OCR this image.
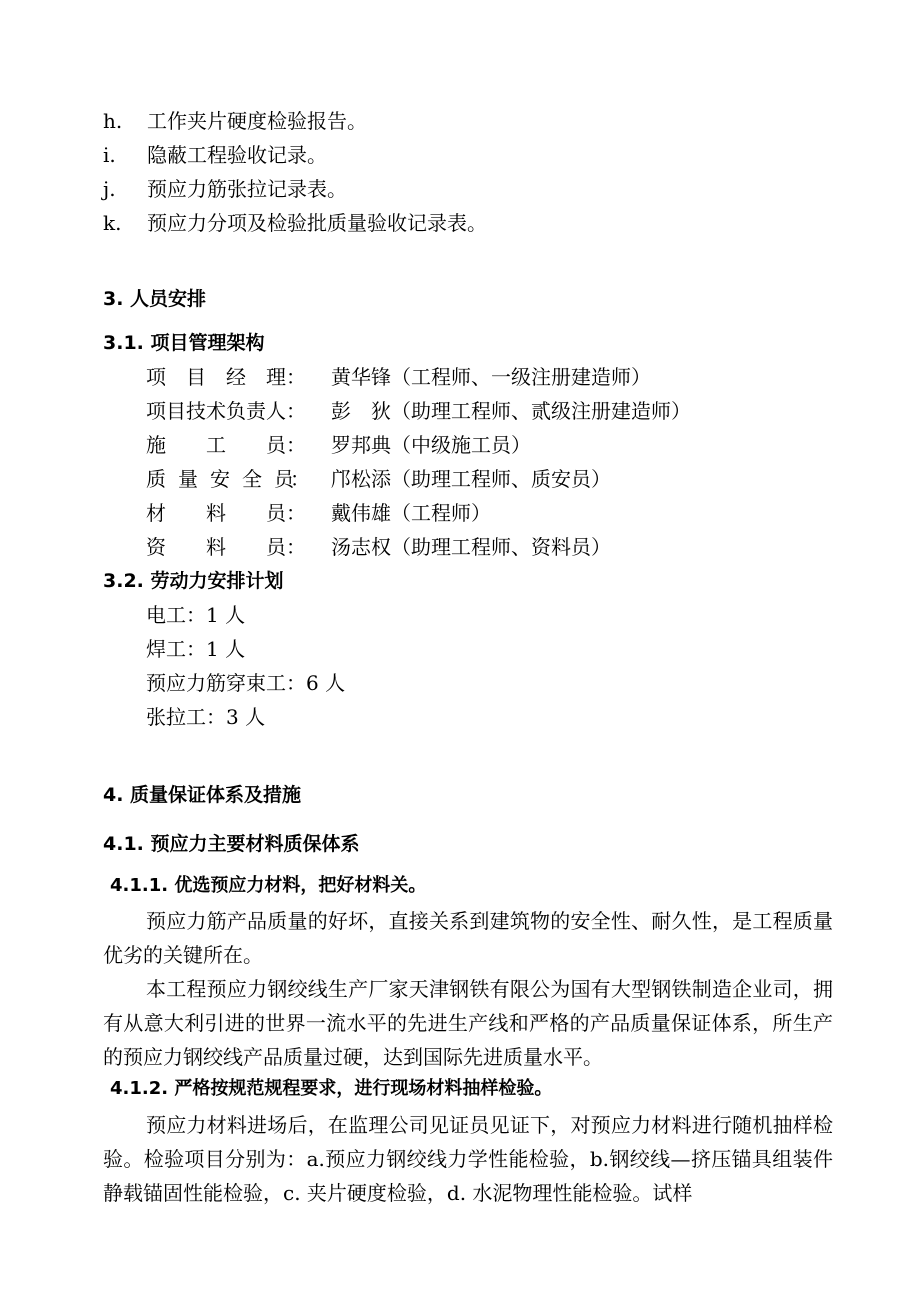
h. 工作夹片硬度检验报告。
i. 隐蔽工程验收记录。
j. 预应力筋张拉记录表。
k. 预应力分项及检验批质量验收记录表。
3. 人员安排
3.1. 项目管理架构
项　目　经　理： 黄华锋（工程师、一级注册建造师）
项目技术负责人： 彭　狄（助理工程师、贰级注册建造师）
施　　工　　员： 罗邦典（中级施工员）
质　量　安　全　员： 邝松添（助理工程师、质安员）
材　　料　　员： 戴伟雄（工程师）
资　　料　　员： 汤志权（助理工程师、资料员）
3.2. 劳动力安排计划
电工：1 人
焊工：1 人
预应力筋穿束工：6 人
张拉工：3 人
4. 质量保证体系及措施
4.1. 预应力主要材料质保体系
4.1.1. 优选预应力材料，把好材料关。

预应力筋产品质量的好坏，直接关系到建筑物的安全性、耐久性，是工程质量优劣的关键所在。

本工程预应力钢绞线生产厂家天津钢铁有限公为国有大型钢铁制造企业司，拥有从意大利引进的世界一流水平的先进生产线和严格的产品质量保证体系，所生产的预应力钢绞线产品质量过硬，达到国际先进质量水平。

4.1.2. 严格按规范规程要求，进行现场材料抽样检验。

预应力材料进场后，在监理公司见证员见证下，对预应力材料进行随机抽样检验。检验项目分别为：a.预应力钢绞线力学性能检验，b.钢绞线—挤压锚具组装件静载锚固性能检验，c. 夹片硬度检验，d. 水泥物理性能检验。试样
